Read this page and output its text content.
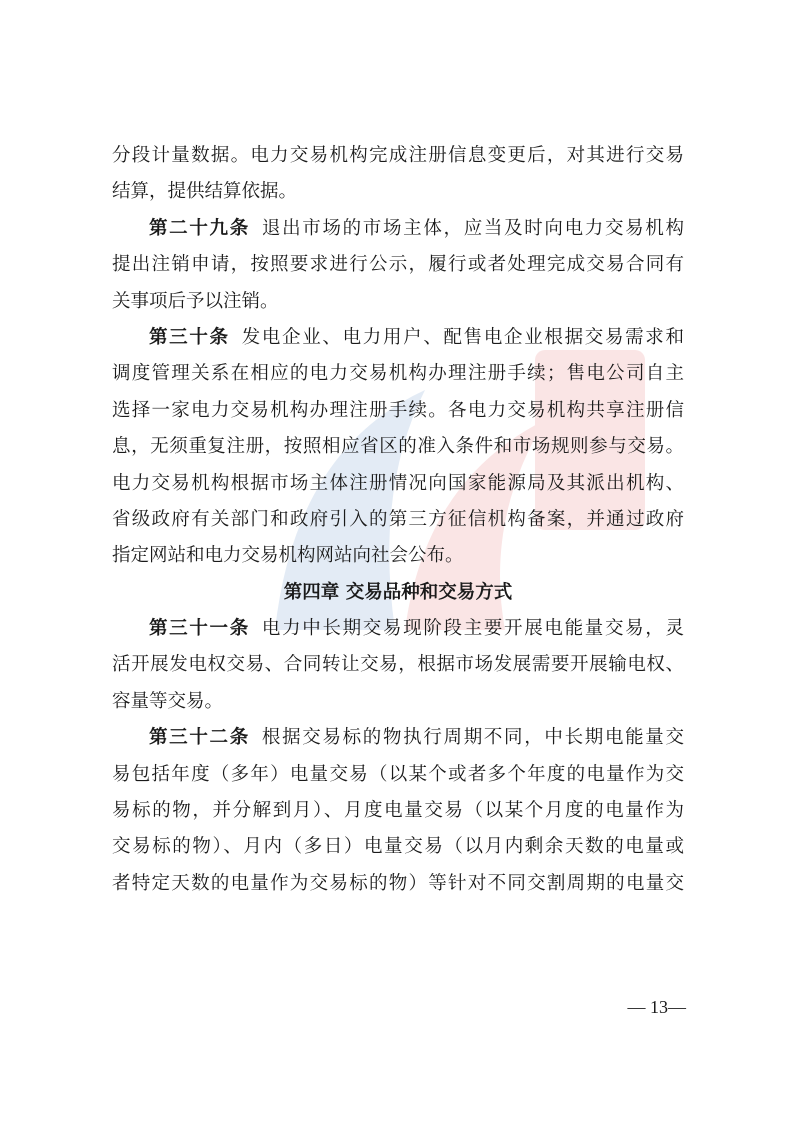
分段计量数据。电力交易机构完成注册信息变更后，对其进行交易
结算，提供结算依据。
第二十九条 退出市场的市场主体，应当及时向电力交易机构
提出注销申请，按照要求进行公示，履行或者处理完成交易合同有
关事项后予以注销。
第三十条 发电企业、电力用户、配售电企业根据交易需求和
调度管理关系在相应的电力交易机构办理注册手续；售电公司自主
选择一家电力交易机构办理注册手续。各电力交易机构共享注册信
息，无须重复注册，按照相应省区的准入条件和市场规则参与交易。
电力交易机构根据市场主体注册情况向国家能源局及其派出机构、
省级政府有关部门和政府引入的第三方征信机构备案，并通过政府
指定网站和电力交易机构网站向社会公布。
第四章 交易品种和交易方式
第三十一条 电力中长期交易现阶段主要开展电能量交易，灵
活开展发电权交易、合同转让交易，根据市场发展需要开展输电权、
容量等交易。
第三十二条 根据交易标的物执行周期不同，中长期电能量交
易包括年度（多年）电量交易（以某个或者多个年度的电量作为交
易标的物，并分解到月）、月度电量交易（以某个月度的电量作为
交易标的物）、月内（多日）电量交易（以月内剩余天数的电量或
者特定天数的电量作为交易标的物）等针对不同交割周期的电量交
— 13—
